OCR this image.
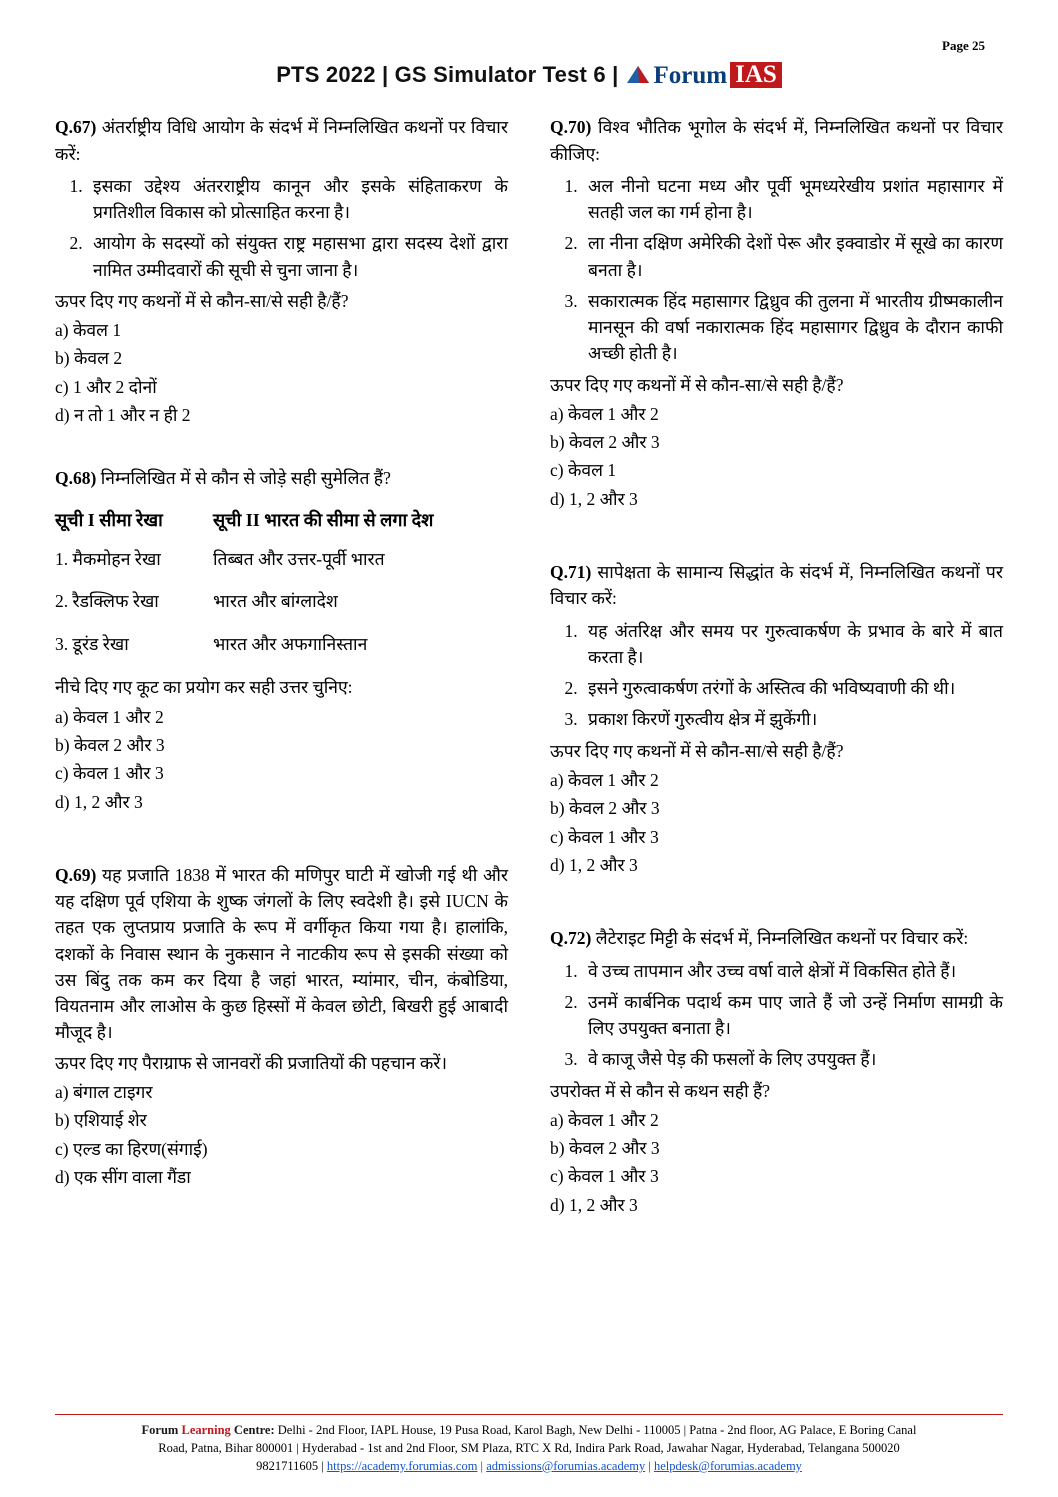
Page 25
PTS 2022 | GS Simulator Test 6 | Forum IAS
Q.67) अंतर्राष्ट्रीय विधि आयोग के संदर्भ में निम्नलिखित कथनों पर विचार करें:
1. इसका उद्देश्य अंतरराष्ट्रीय कानून और इसके संहिताकरण के प्रगतिशील विकास को प्रोत्साहित करना है।
2. आयोग के सदस्यों को संयुक्त राष्ट्र महासभा द्वारा सदस्य देशों द्वारा नामित उम्मीदवारों की सूची से चुना जाना है।
ऊपर दिए गए कथनों में से कौन-सा/से सही है/हैं?
a) केवल 1
b) केवल 2
c) 1 और 2 दोनों
d) न तो 1 और न ही 2
Q.68) निम्नलिखित में से कौन से जोड़े सही सुमेलित हैं?
सूची I सीमा रेखा	सूची II भारत की सीमा से लगा देश
1. मैकमोहन रेखा	तिब्बत और उत्तर-पूर्वी भारत
2. रैडक्लिफ रेखा	भारत और बांग्लादेश
3. डूरंड रेखा	भारत और अफगानिस्तान
नीचे दिए गए कूट का प्रयोग कर सही उत्तर चुनिए:
a) केवल 1 और 2
b) केवल 2 और 3
c) केवल 1 और 3
d) 1, 2 और 3
Q.69) यह प्रजाति 1838 में भारत की मणिपुर घाटी में खोजी गई थी और यह दक्षिण पूर्व एशिया के शुष्क जंगलों के लिए स्वदेशी है। इसे IUCN के तहत एक लुप्तप्राय प्रजाति के रूप में वर्गीकृत किया गया है। हालांकि, दशकों के निवास स्थान के नुकसान ने नाटकीय रूप से इसकी संख्या को उस बिंदु तक कम कर दिया है जहां भारत, म्यांमार, चीन, कंबोडिया, वियतनाम और लाओस के कुछ हिस्सों में केवल छोटी, बिखरी हुई आबादी मौजूद है।
ऊपर दिए गए पैराग्राफ से जानवरों की प्रजातियों की पहचान करें।
a) बंगाल टाइगर
b) एशियाई शेर
c) एल्ड का हिरण(संगाई)
d) एक सींग वाला गैंडा
Q.70) विश्व भौतिक भूगोल के संदर्भ में, निम्नलिखित कथनों पर विचार कीजिए:
1. अल नीनो घटना मध्य और पूर्वी भूमध्यरेखीय प्रशांत महासागर में सतही जल का गर्म होना है।
2. ला नीना दक्षिण अमेरिकी देशों पेरू और इक्वाडोर में सूखे का कारण बनता है।
3. सकारात्मक हिंद महासागर द्विध्रुव की तुलना में भारतीय ग्रीष्मकालीन मानसून की वर्षा नकारात्मक हिंद महासागर द्विध्रुव के दौरान काफी अच्छी होती है।
ऊपर दिए गए कथनों में से कौन-सा/से सही है/हैं?
a) केवल 1 और 2
b) केवल 2 और 3
c) केवल 1
d) 1, 2 और 3
Q.71) सापेक्षता के सामान्य सिद्धांत के संदर्भ में, निम्नलिखित कथनों पर विचार करें:
1. यह अंतरिक्ष और समय पर गुरुत्वाकर्षण के प्रभाव के बारे में बात करता है।
2. इसने गुरुत्वाकर्षण तरंगों के अस्तित्व की भविष्यवाणी की थी।
3. प्रकाश किरणें गुरुत्वीय क्षेत्र में झुकेंगी।
ऊपर दिए गए कथनों में से कौन-सा/से सही है/हैं?
a) केवल 1 और 2
b) केवल 2 और 3
c) केवल 1 और 3
d) 1, 2 और 3
Q.72) लैटेराइट मिट्टी के संदर्भ में, निम्नलिखित कथनों पर विचार करें:
1. वे उच्च तापमान और उच्च वर्षा वाले क्षेत्रों में विकसित होते हैं।
2. उनमें कार्बनिक पदार्थ कम पाए जाते हैं जो उन्हें निर्माण सामग्री के लिए उपयुक्त बनाता है।
3. वे काजू जैसे पेड़ की फसलों के लिए उपयुक्त हैं।
उपरोक्त में से कौन से कथन सही हैं?
a) केवल 1 और 2
b) केवल 2 और 3
c) केवल 1 और 3
d) 1, 2 और 3
Forum Learning Centre: Delhi - 2nd Floor, IAPL House, 19 Pusa Road, Karol Bagh, New Delhi - 110005 | Patna - 2nd floor, AG Palace, E Boring Canal
Road, Patna, Bihar 800001 | Hyderabad - 1st and 2nd Floor, SM Plaza, RTC X Rd, Indira Park Road, Jawahar Nagar, Hyderabad, Telangana 500020
9821711605 | https://academy.forumias.com | admissions@forumias.academy | helpdesk@forumias.academy
